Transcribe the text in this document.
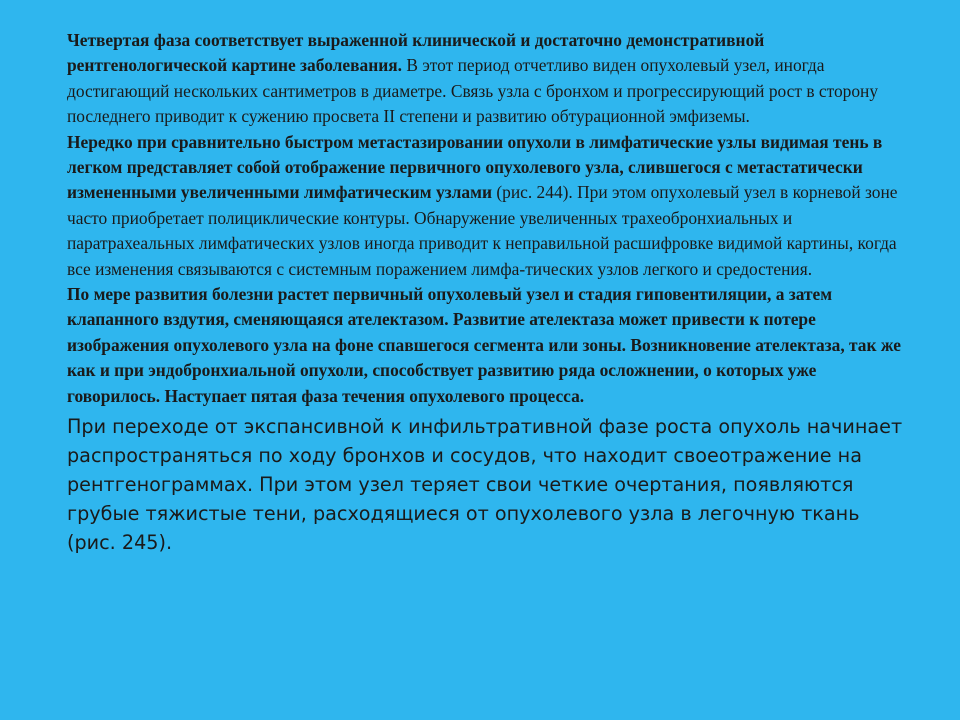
Четвертая фаза соответствует выраженной клинической и достаточно демонстративной рентгенологической картине заболевания. В этот период отчетливо виден опухолевый узел, иногда достигающий нескольких сантиметров в диаметре. Связь узла с бронхом и прогрессирующий рост в сторону последнего приводит к сужению просвета II степени и развитию обтурационной эмфиземы.

Нередко при сравнительно быстром метастазировании опухоли в лимфатические узлы видимая тень в легком представляет собой отображение первичного опухолевого узла, слившегося с метастатически измененными увеличенными лимфатическим узлами (рис. 244). При этом опухолевый узел в корневой зоне часто приобретает полициклические контуры. Обнаружение увеличенных трахеобронхиальных и паратрахеальных лимфатических узлов иногда приводит к неправильной расшифровке видимой картины, когда все изменения связываются с системным поражением лимфа-тических узлов легкого и средостения.

По мере развития болезни растет первичный опухолевый узел и стадия гиповентиляции, а затем клапанного вздутия, сменяющаяся ателектазом. Развитие ателектаза может привести к потере изображения опухолевого узла на фоне спавшегося сегмента или зоны. Возникновение ателектаза, так же как и при эндобронхиальной опухоли, способствует развитию ряда осложнении, о которых уже говорилось. Наступает пятая фаза течения опухолевого процесса.

При переходе от экспансивной к инфильтративной фазе роста опухоль начинает распространяться по ходу бронхов и сосудов, что находит своеотражение на рентгенограммах. При этом узел теряет свои четкие очертания, появляются грубые тяжистые тени, расходящиеся от опухолевого узла в легочную ткань (рис. 245).
